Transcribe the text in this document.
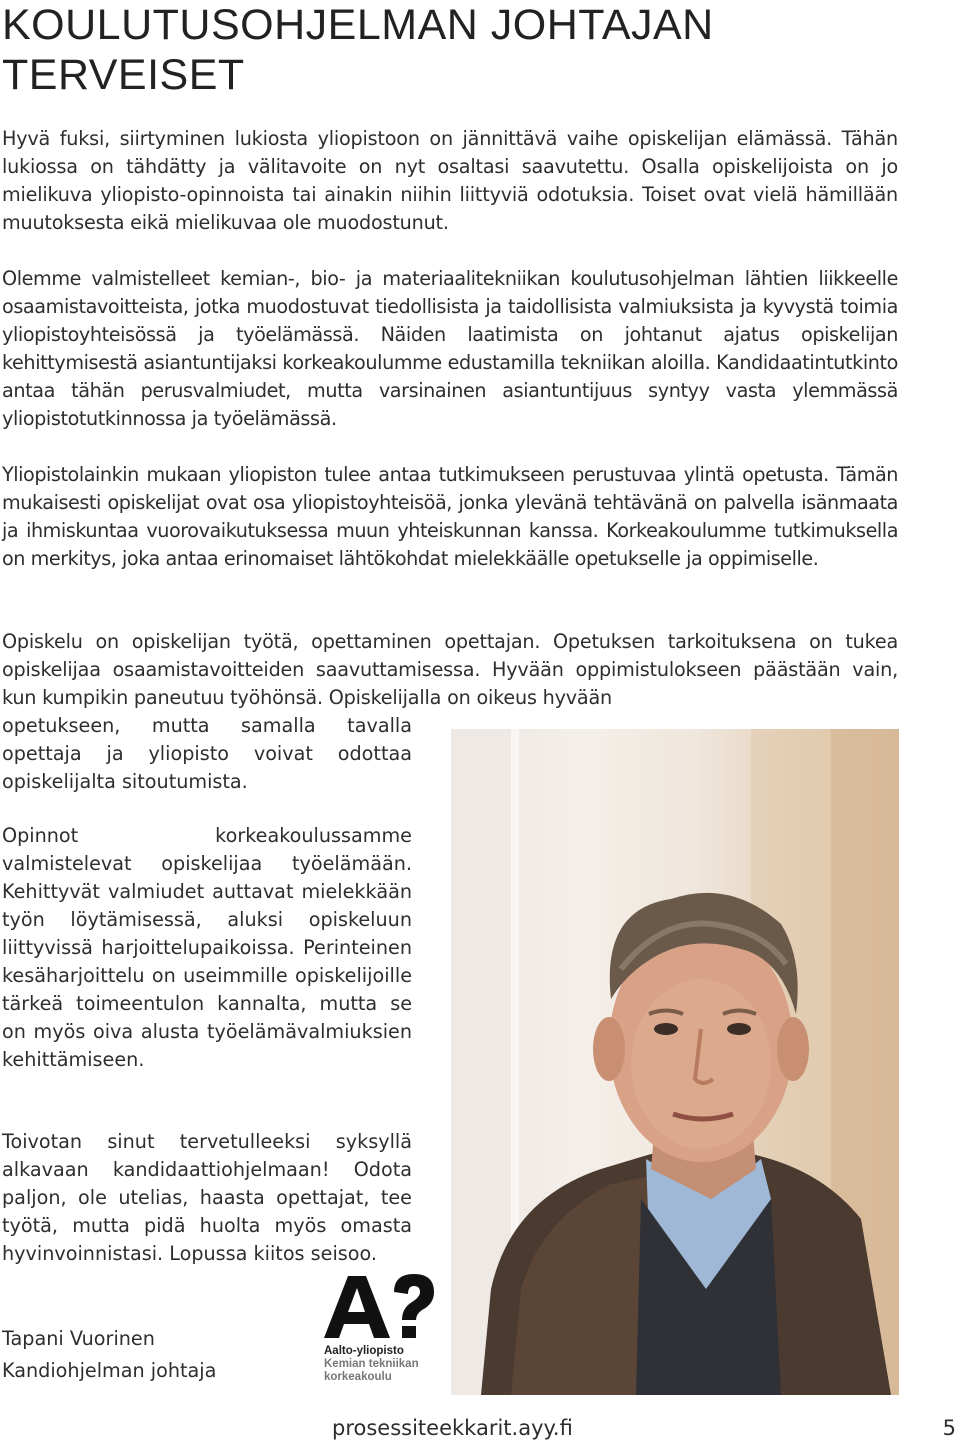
KOULUTUSOHJELMAN JOHTAJAN
TERVEISET

Hyvä fuksi, siirtyminen lukiosta yliopistoon on jännittävä vaihe opiskelijan elämässä. Tähän lukiossa on tähdätty ja välitavoite on nyt osaltasi saavutettu. Osalla opiskelijoista on jo mielikuva yliopisto-opinnoista tai ainakin niihin liittyviä odotuksia. Toiset ovat vielä hämillään muutoksesta eikä mielikuvaa ole muodostunut.

Olemme valmistelleet kemian-, bio- ja materiaalitekniikan koulutusohjelman lähtien liikkeelle osaamistavoitteista, jotka muodostuvat tiedollisista ja taidollisista valmiuksista ja kyvystä toimia yliopistoyhteisössä ja työelämässä. Näiden laatimista on johtanut ajatus opiskelijan kehittymisestä asiantuntijaksi korkeakoulumme edustamilla tekniikan aloilla. Kandidaatintutkinto antaa tähän perusvalmiudet, mutta varsinainen asiantuntijuus syntyy vasta ylemmässä yliopistotutkinnossa ja työelämässä.

Yliopistolainkin mukaan yliopiston tulee antaa tutkimukseen perustuvaa ylintä opetusta. Tämän mukaisesti opiskelijat ovat osa yliopistoyhteisöä, jonka ylevänä tehtävänä on palvella isänmaata ja ihmiskuntaa vuorovaikutuksessa muun yhteiskunnan kanssa. Korkeakoulumme tutkimuksella on merkitys, joka antaa erinomaiset lähtökohdat mielekkäälle opetukselle ja oppimiselle.

Opiskelu on opiskelijan työtä, opettaminen opettajan. Opetuksen tarkoituksena on tukea opiskelijaa osaamistavoitteiden saavuttamisessa. Hyvään oppimistulokseen päästään vain, kun kumpikin paneutuu työhönsä. Opiskelijalla on oikeus hyvään

opetukseen, mutta samalla tavalla opettaja ja yliopisto voivat odottaa opiskelijalta sitoutumista.

Opinnot korkeakoulussamme valmistelevat opiskelijaa työelämään. Kehittyvät valmiudet auttavat mielekkään työn löytämisessä, aluksi opiskeluun liittyvissä harjoittelupaikoissa. Perinteinen kesäharjoittelu on useimmille opiskelijoille tärkeä toimeentulon kannalta, mutta se on myös oiva alusta työelämävalmiuksien kehittämiseen.

Toivotan sinut tervetulleeksi syksyllä alkavaan kandidaattiohjelmaan! Odota paljon, ole utelias, haasta opettajat, tee työtä, mutta pidä huolta myös omasta hyvinvoinnistasi. Lopussa kiitos seisoo.

Tapani Vuorinen
Kandiohjelman johtaja
Aalto-yliopisto
Kemian tekniikan
korkeakoulu
prosessiteekkarit.ayy.fi	5
